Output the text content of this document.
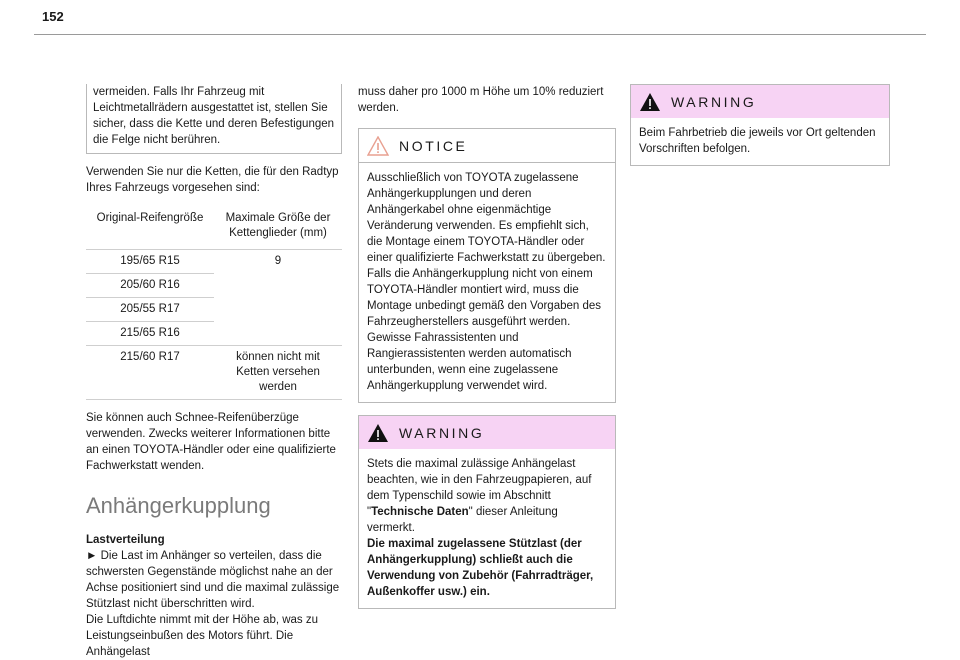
152

vermeiden. Falls Ihr Fahrzeug mit Leichtmetallrädern ausgestattet ist, stellen Sie sicher, dass die Kette und deren Befestigungen die Felge nicht berühren.

Verwenden Sie nur die Ketten, die für den Radtyp Ihres Fahrzeugs vorgesehen sind:

Original-Reifengröße	Maximale Größe der Kettenglieder (mm)
195/65 R15	9
205/60 R16	
205/55 R17	
215/65 R16	
215/60 R17	können nicht mit Ketten versehen werden

Sie können auch Schnee-Reifenüberzüge verwenden. Zwecks weiterer Informationen bitte an einen TOYOTA-Händler oder eine qualifizierte Fachwerkstatt wenden.

Anhängerkupplung

Lastverteilung

► Die Last im Anhänger so verteilen, dass die schwersten Gegenstände möglichst nahe an der Achse positioniert sind und die maximal zulässige Stützlast nicht überschritten wird.

Die Luftdichte nimmt mit der Höhe ab, was zu Leistungseinbußen des Motors führt. Die Anhängelast

muss daher pro 1000 m Höhe um 10% reduziert werden.

NOTICE

Ausschließlich von TOYOTA zugelassene Anhängerkupplungen und deren Anhängerkabel ohne eigenmächtige Veränderung verwenden. Es empfiehlt sich, die Montage einem TOYOTA-Händler oder einer qualifizierte Fachwerkstatt zu übergeben.

Falls die Anhängerkupplung nicht von einem TOYOTA-Händler montiert wird, muss die Montage unbedingt gemäß den Vorgaben des Fahrzeugherstellers ausgeführt werden.

Gewisse Fahrassistenten und Rangierassistenten werden automatisch unterbunden, wenn eine zugelassene Anhängerkupplung verwendet wird.

WARNING

Stets die maximal zulässige Anhängelast beachten, wie in den Fahrzeugpapieren, auf dem Typenschild sowie im Abschnitt "Technische Daten" dieser Anleitung vermerkt.

Die maximal zugelassene Stützlast (der Anhängerkupplung) schließt auch die Verwendung von Zubehör (Fahrradträger, Außenkoffer usw.) ein.

WARNING

Beim Fahrbetrieb die jeweils vor Ort geltenden Vorschriften befolgen.
